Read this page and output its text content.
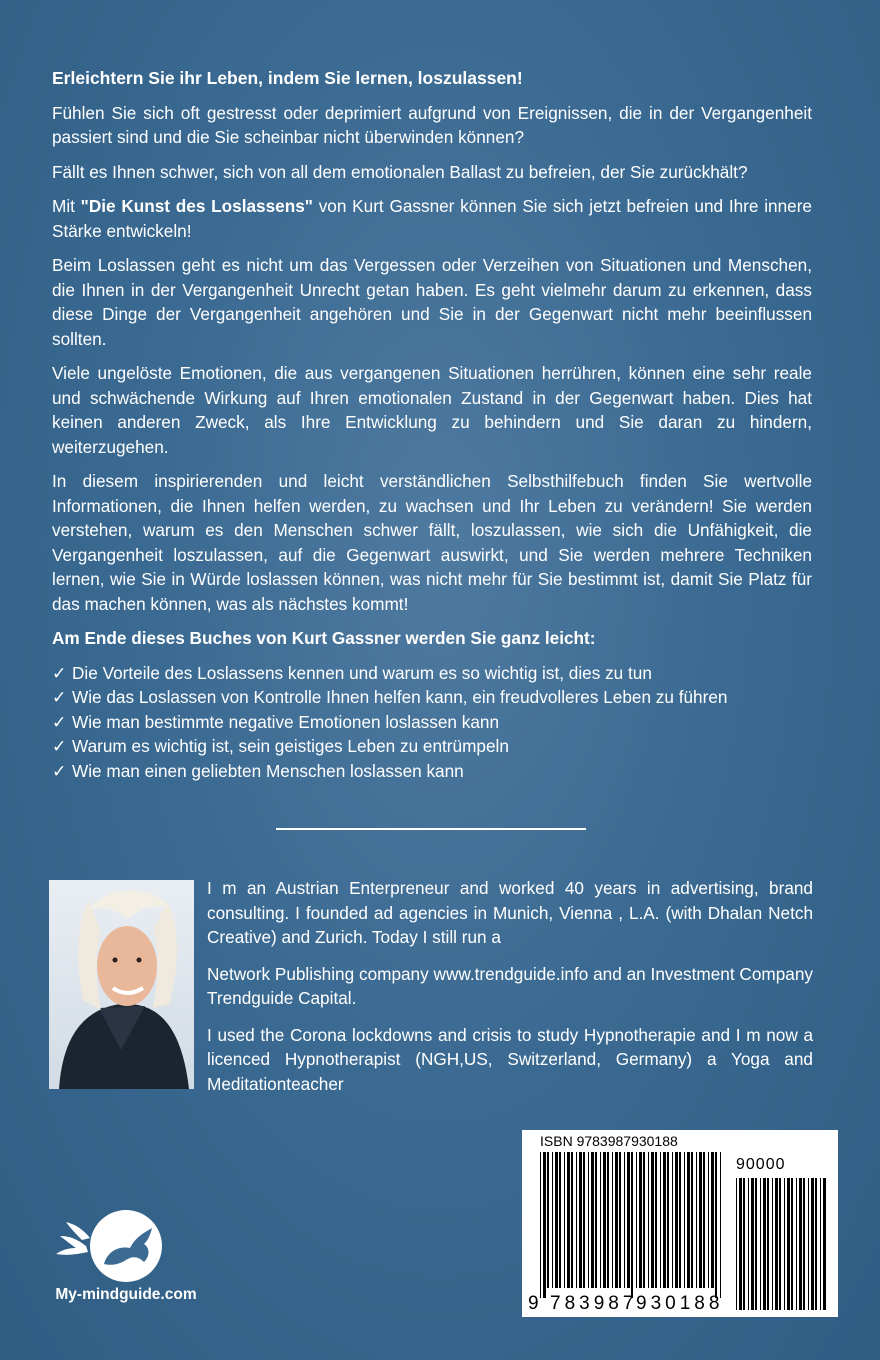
Erleichtern Sie ihr Leben, indem Sie lernen, loszulassen!

Fühlen Sie sich oft gestresst oder deprimiert aufgrund von Ereignissen, die in der Vergangenheit passiert sind und die Sie scheinbar nicht überwinden können?

Fällt es Ihnen schwer, sich von all dem emotionalen Ballast zu befreien, der Sie zurückhält?

Mit "Die Kunst des Loslassens" von Kurt Gassner können Sie sich jetzt befreien und Ihre innere Stärke entwickeln!

Beim Loslassen geht es nicht um das Vergessen oder Verzeihen von Situationen und Menschen, die Ihnen in der Vergangenheit Unrecht getan haben. Es geht vielmehr darum zu erkennen, dass diese Dinge der Vergangenheit angehören und Sie in der Gegenwart nicht mehr beeinflussen sollten.

Viele ungelöste Emotionen, die aus vergangenen Situationen herrühren, können eine sehr reale und schwächende Wirkung auf Ihren emotionalen Zustand in der Gegenwart haben. Dies hat keinen anderen Zweck, als Ihre Entwicklung zu behindern und Sie daran zu hindern, weiterzugehen.

In diesem inspirierenden und leicht verständlichen Selbsthilfebuch finden Sie wertvolle Informationen, die Ihnen helfen werden, zu wachsen und Ihr Leben zu verändern! Sie werden verstehen, warum es den Menschen schwer fällt, loszulassen, wie sich die Unfähigkeit, die Vergangenheit loszulassen, auf die Gegenwart auswirkt, und Sie werden mehrere Techniken lernen, wie Sie in Würde loslassen können, was nicht mehr für Sie bestimmt ist, damit Sie Platz für das machen können, was als nächstes kommt!

Am Ende dieses Buches von Kurt Gassner werden Sie ganz leicht:

✓ Die Vorteile des Loslassens kennen und warum es so wichtig ist, dies zu tun
✓ Wie das Loslassen von Kontrolle Ihnen helfen kann, ein freudvolleres Leben zu führen
✓ Wie man bestimmte negative Emotionen loslassen kann
✓ Warum es wichtig ist, sein geistiges Leben zu entrümpeln
✓ Wie man einen geliebten Menschen loslassen kann

I m an Austrian Enterpreneur and worked 40 years in advertising, brand consulting. I founded ad agencies in Munich, Vienna , L.A. (with Dhalan Netch Creative) and Zurich. Today I still run a

Network Publishing company www.trendguide.info and an Investment Company Trendguide Capital.

I used the Corona lockdowns and crisis to study Hypnotherapie and I m now a licenced Hypnotherapist (NGH,US, Switzerland, Germany) a Yoga and Meditationteacher

My-mindguide.com
ISBN 9783987930188
90000
9 783987
930188
